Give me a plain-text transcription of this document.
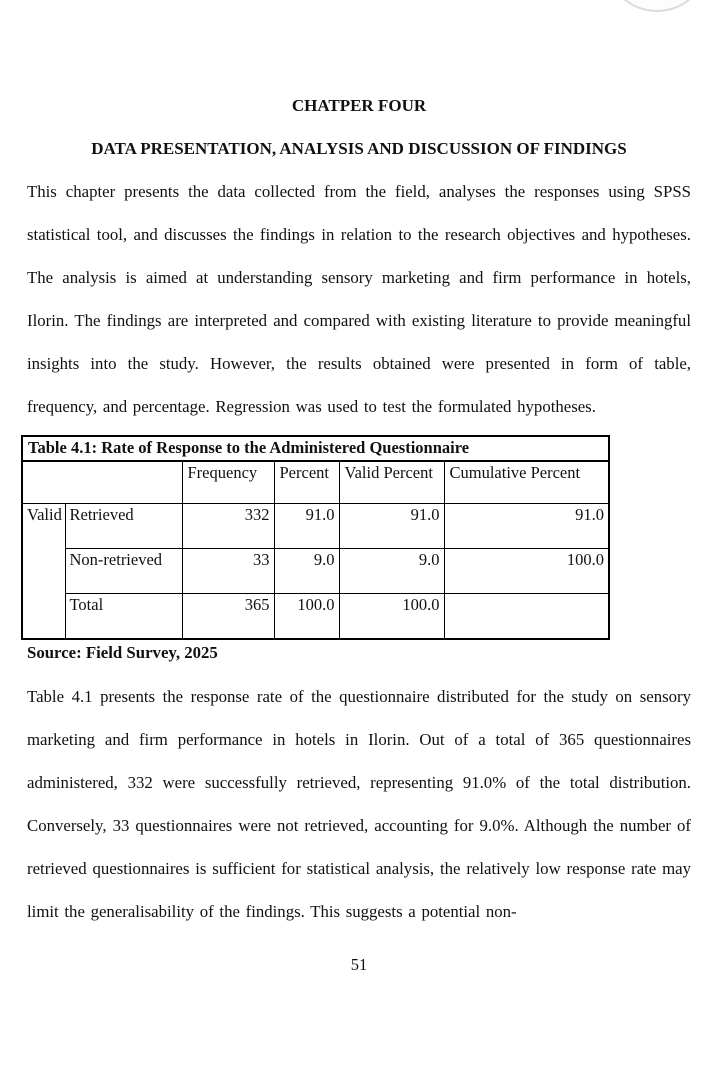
CHATPER FOUR
DATA PRESENTATION, ANALYSIS AND DISCUSSION OF FINDINGS

This chapter presents the data collected from the field, analyses the responses using SPSS statistical tool, and discusses the findings in relation to the research objectives and hypotheses. The analysis is aimed at understanding sensory marketing and firm performance in hotels, Ilorin. The findings are interpreted and compared with existing literature to provide meaningful insights into the study. However, the results obtained were presented in form of table, frequency, and percentage. Regression was used to test the formulated hypotheses.

Table 4.1: Rate of Response to the Administered Questionnaire					
		Frequency	Percent	Valid Percent	Cumulative Percent
Valid	Retrieved	332	91.0	91.0	91.0
	Non-retrieved	33	9.0	9.0	100.0
	Total	365	100.0	100.0	

Source: Field Survey, 2025

Table 4.1 presents the response rate of the questionnaire distributed for the study on sensory marketing and firm performance in hotels in Ilorin. Out of a total of 365 questionnaires administered, 332 were successfully retrieved, representing 91.0% of the total distribution. Conversely, 33 questionnaires were not retrieved, accounting for 9.0%. Although the number of retrieved questionnaires is sufficient for statistical analysis, the relatively low response rate may limit the generalisability of the findings. This suggests a potential non-

51
